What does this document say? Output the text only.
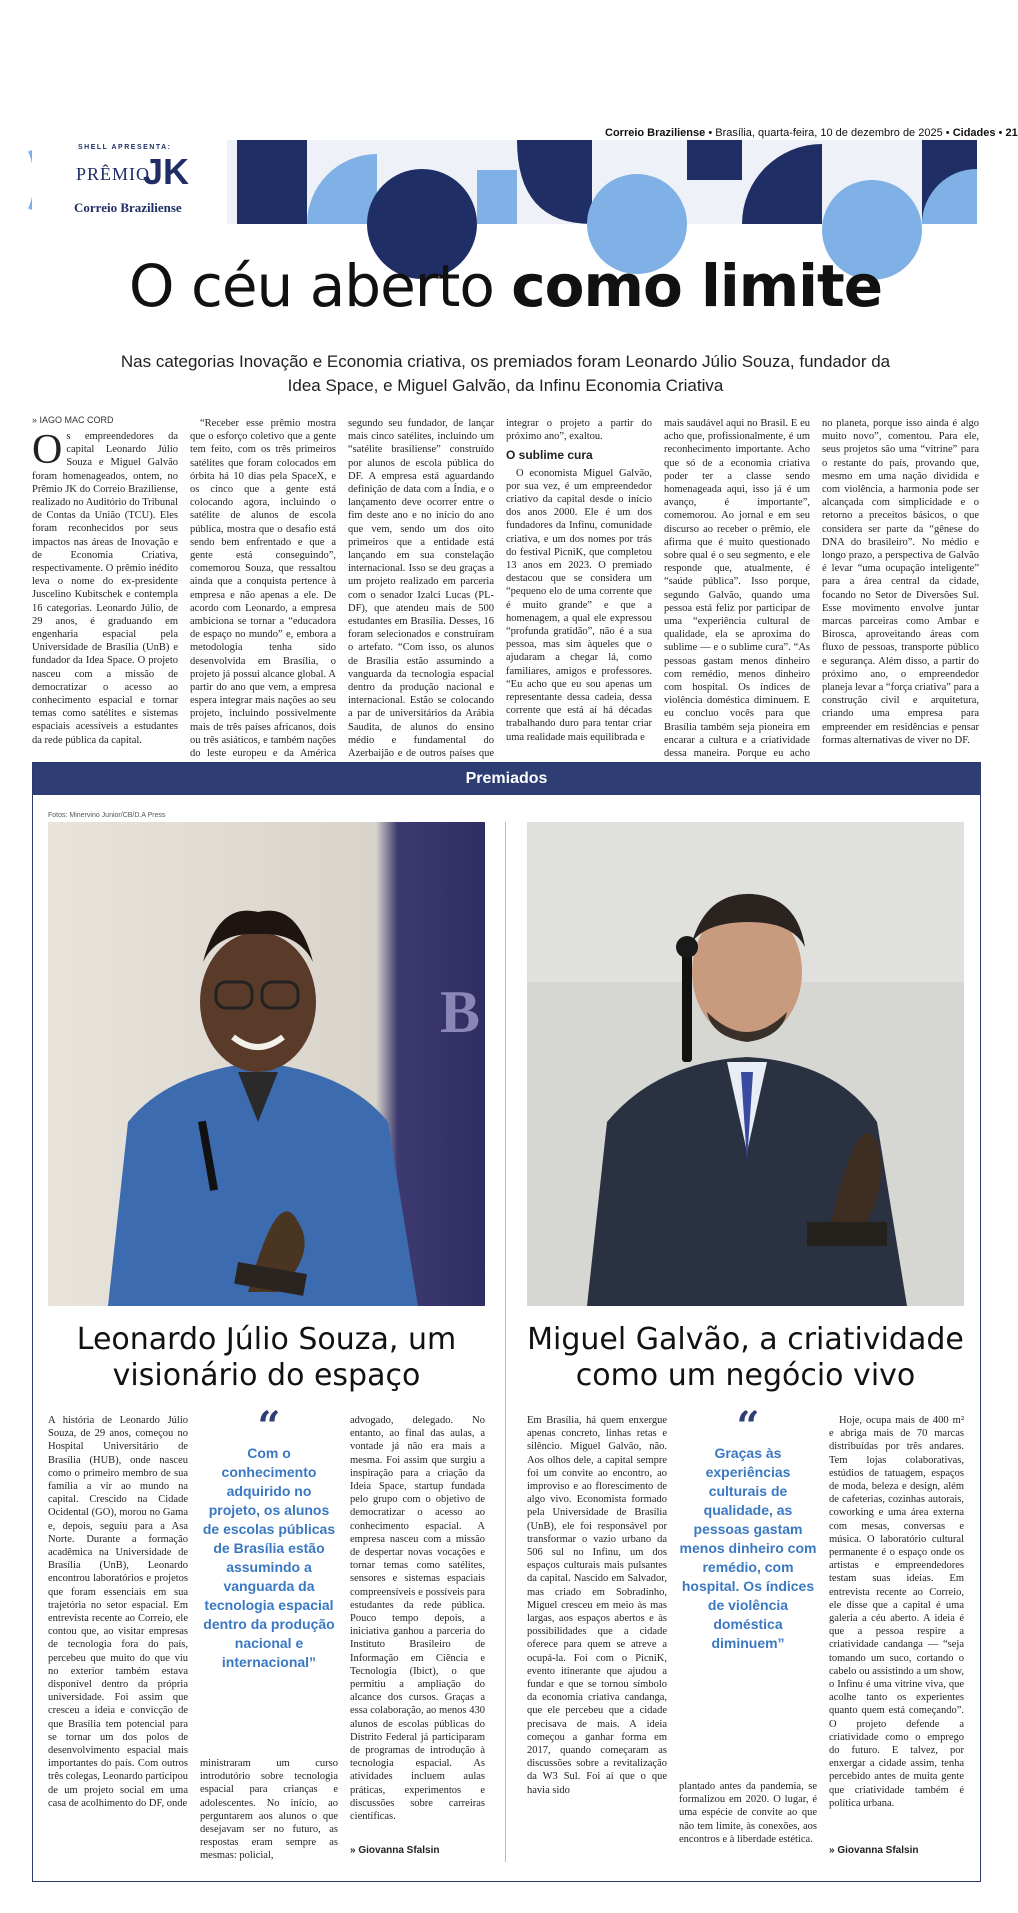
Correio Braziliense • Brasília, quarta-feira, 10 de dezembro de 2025 • Cidades • 21
SHELL APRESENTA:
PRÊMIO
JK
Correio Braziliense
O céu aberto como limite
Nas categorias Inovação e Economia criativa, os premiados foram Leonardo Júlio Souza, fundador da Idea Space, e Miguel Galvão, da Infinu Economia Criativa
» IAGO MAC CORD
Os empreendedores da capital Leonardo Júlio Souza e Miguel Galvão foram homenageados, ontem, no Prêmio JK do Correio Braziliense, realizado no Auditório do Tribunal de Contas da União (TCU). Eles foram reconhecidos por seus impactos nas áreas de Inovação e de Economia Criativa, respectivamente. O prêmio inédito leva o nome do ex-presidente Juscelino Kubitschek e contempla 16 categorias. Leonardo Júlio, de 29 anos, é graduando em engenharia espacial pela Universidade de Brasília (UnB) e fundador da Idea Space. O projeto nasceu com a missão de democratizar o acesso ao conhecimento espacial e tornar temas como satélites e sistemas espaciais acessíveis a estudantes da rede pública da capital.

“Receber esse prêmio mostra que o esforço coletivo que a gente tem feito, com os três primeiros satélites que foram colocados em órbita há 10 dias pela SpaceX, e os cinco que a gente está colocando agora, incluindo o satélite de alunos de escola pública, mostra que o desafio está sendo bem enfrentado e que a gente está conseguindo”, comemorou Souza, que ressaltou ainda que a conquista pertence à empresa e não apenas a ele. De acordo com Leonardo, a empresa ambiciona se tornar a “educadora de espaço no mundo” e, embora a metodologia tenha sido desenvolvida em Brasília, o projeto já possui alcance global. A partir do ano que vem, a empresa espera integrar mais nações ao seu projeto, incluindo possivelmente mais de três países africanos, dois ou três asiáticos, e também nações do leste europeu e da América

segundo seu fundador, de lançar mais cinco satélites, incluindo um “satélite brasiliense” construído por alunos de escola pública do DF. A empresa está aguardando definição de data com a Índia, e o lançamento deve ocorrer entre o fim deste ano e no início do ano que vem, sendo um dos oito primeiros que a entidade está lançando em sua constelação internacional. Isso se deu graças a um projeto realizado em parceria com o senador Izalci Lucas (PL-DF), que atendeu mais de 500 estudantes em Brasília. Desses, 16 foram selecionados e construíram o artefato. “Com isso, os alunos de Brasília estão assumindo a vanguarda da tecnologia espacial dentro da produção nacional e internacional. Estão se colocando a par de universitários da Arábia Saudita, de alunos do ensino médio e fundamental do Azerbaijão e de outros países que

integrar o projeto a partir do próximo ano”, exaltou.

O sublime cura

O economista Miguel Galvão, por sua vez, é um empreendedor criativo da capital desde o início dos anos 2000. Ele é um dos fundadores da Infinu, comunidade criativa, e um dos nomes por trás do festival PicniK, que completou 13 anos em 2023. O premiado destacou que se considera um “pequeno elo de uma corrente que é muito grande” e que a homenagem, a qual ele expressou “profunda gratidão”, não é a sua pessoa, mas sim àqueles que o ajudaram a chegar lá, como familiares, amigos e professores. “Eu acho que eu sou apenas um representante dessa cadeia, dessa corrente que está aí há décadas trabalhando duro para tentar criar uma realidade mais equilibrada e

mais saudável aqui no Brasil. E eu acho que, profissionalmente, é um reconhecimento importante. Acho que só de a economia criativa poder ter a classe sendo homenageada aqui, isso já é um avanço, é importante”, comemorou. Ao jornal e em seu discurso ao receber o prêmio, ele afirma que é muito questionado sobre qual é o seu segmento, e ele responde que, atualmente, é “saúde pública”. Isso porque, segundo Galvão, quando uma pessoa está feliz por participar de uma “experiência cultural de qualidade, ela se aproxima do sublime — e o sublime cura”. “As pessoas gastam menos dinheiro com remédio, menos dinheiro com hospital. Os índices de violência doméstica diminuem. E eu concluo vocês para que Brasília também seja pioneira em encarar a cultura e a criatividade dessa maneira. Porque eu acho

no planeta, porque isso ainda é algo muito novo”, comentou. Para ele, seus projetos são uma “vitrine” para o restante do país, provando que, mesmo em uma nação dividida e com violência, a harmonia pode ser alcançada com simplicidade e o retorno a preceitos básicos, o que considera ser parte da “gênese do DNA do brasileiro”. No médio e longo prazo, a perspectiva de Galvão é levar “uma ocupação inteligente” para a área central da cidade, focando no Setor de Diversões Sul. Esse movimento envolve juntar marcas parceiras como Ambar e Birosca, aproveitando áreas com fluxo de pessoas, transporte público e segurança. Além disso, a partir do próximo ano, o empreendedor planeja levar a “força criativa” para a construção civil e arquitetura, criando uma empresa para empreender em residências e pensar formas alternativas de viver no DF.

Premiados
Fotos: Minervino Junior/CB/D.A Press
B
Leonardo Júlio Souza, um visionário do espaço

A história de Leonardo Júlio Souza, de 29 anos, começou no Hospital Universitário de Brasília (HUB), onde nasceu como o primeiro membro de sua família a vir ao mundo na capital. Crescido na Cidade Ocidental (GO), morou no Gama e, depois, seguiu para a Asa Norte. Durante a formação acadêmica na Universidade de Brasília (UnB), Leonardo encontrou laboratórios e projetos que foram essenciais em sua trajetória no setor espacial. Em entrevista recente ao Correio, ele contou que, ao visitar empresas de tecnologia fora do país, percebeu que muito do que viu no exterior também estava disponível dentro da própria universidade. Foi assim que cresceu a ideia e convicção de que Brasília tem potencial para se tornar um dos polos de desenvolvimento espacial mais importantes do país. Com outros três colegas, Leonardo participou de um projeto social em uma casa de acolhimento do DF, onde

“
Com o conhecimento adquirido no projeto, os alunos de escolas públicas de Brasília estão assumindo a vanguarda da tecnologia espacial dentro da produção nacional e internacional”

ministraram um curso introdutório sobre tecnologia espacial para crianças e adolescentes. No início, ao perguntarem aos alunos o que desejavam ser no futuro, as respostas eram sempre as mesmas: policial,

advogado, delegado. No entanto, ao final das aulas, a vontade já não era mais a mesma. Foi assim que surgiu a inspiração para a criação da Ideia Space, startup fundada pelo grupo com o objetivo de democratizar o acesso ao conhecimento espacial. A empresa nasceu com a missão de despertar novas vocações e tornar temas como satélites, sensores e sistemas espaciais compreensíveis e possíveis para estudantes da rede pública. Pouco tempo depois, a iniciativa ganhou a parceria do Instituto Brasileiro de Informação em Ciência e Tecnologia (Ibict), o que permitiu a ampliação do alcance dos cursos. Graças a essa colaboração, ao menos 430 alunos de escolas públicas do Distrito Federal já participaram de programas de introdução à tecnologia espacial. As atividades incluem aulas práticas, experimentos e discussões sobre carreiras científicas.

» Giovanna Sfalsin
Miguel Galvão, a criatividade como um negócio vivo

Em Brasília, há quem enxergue apenas concreto, linhas retas e silêncio. Miguel Galvão, não. Aos olhos dele, a capital sempre foi um convite ao encontro, ao improviso e ao florescimento de algo vivo. Economista formado pela Universidade de Brasília (UnB), ele foi responsável por transformar o vazio urbano da 506 sul no Infinu, um dos espaços culturais mais pulsantes da capital. Nascido em Salvador, mas criado em Sobradinho, Miguel cresceu em meio às mas largas, aos espaços abertos e às possibilidades que a cidade oferece para quem se atreve a ocupá-la. Foi com o PicniK, evento itinerante que ajudou a fundar e que se tornou símbolo da economia criativa candanga, que ele percebeu que a cidade precisava de mais. A ideia começou a ganhar forma em 2017, quando começaram as discussões sobre a revitalização da W3 Sul. Foi aí que o que havia sido

“
Graças às experiências culturais de qualidade, as pessoas gastam menos dinheiro com remédio, com hospital. Os índices de violência doméstica diminuem”

plantado antes da pandemia, se formalizou em 2020. O lugar, é uma espécie de convite ao que não tem limite, às conexões, aos encontros e à liberdade estética.

Hoje, ocupa mais de 400 m² e abriga mais de 70 marcas distribuídas por três andares. Tem lojas colaborativas, estúdios de tatuagem, espaços de moda, beleza e design, além de cafeterias, cozinhas autorais, coworking e uma área externa com mesas, conversas e música. O laboratório cultural permanente é o espaço onde os artistas e empreendedores testam suas ideias. Em entrevista recente ao Correio, ele disse que a capital é uma galeria a céu aberto. A ideia é que a pessoa respire a criatividade candanga — “seja tomando um suco, cortando o cabelo ou assistindo a um show, o Infinu é uma vitrine viva, que acolhe tanto os experientes quanto quem está começando”. O projeto defende a criatividade como o emprego do futuro. E talvez, por enxergar a cidade assim, tenha percebido antes de muita gente que criatividade também é política urbana.

» Giovanna Sfalsin
